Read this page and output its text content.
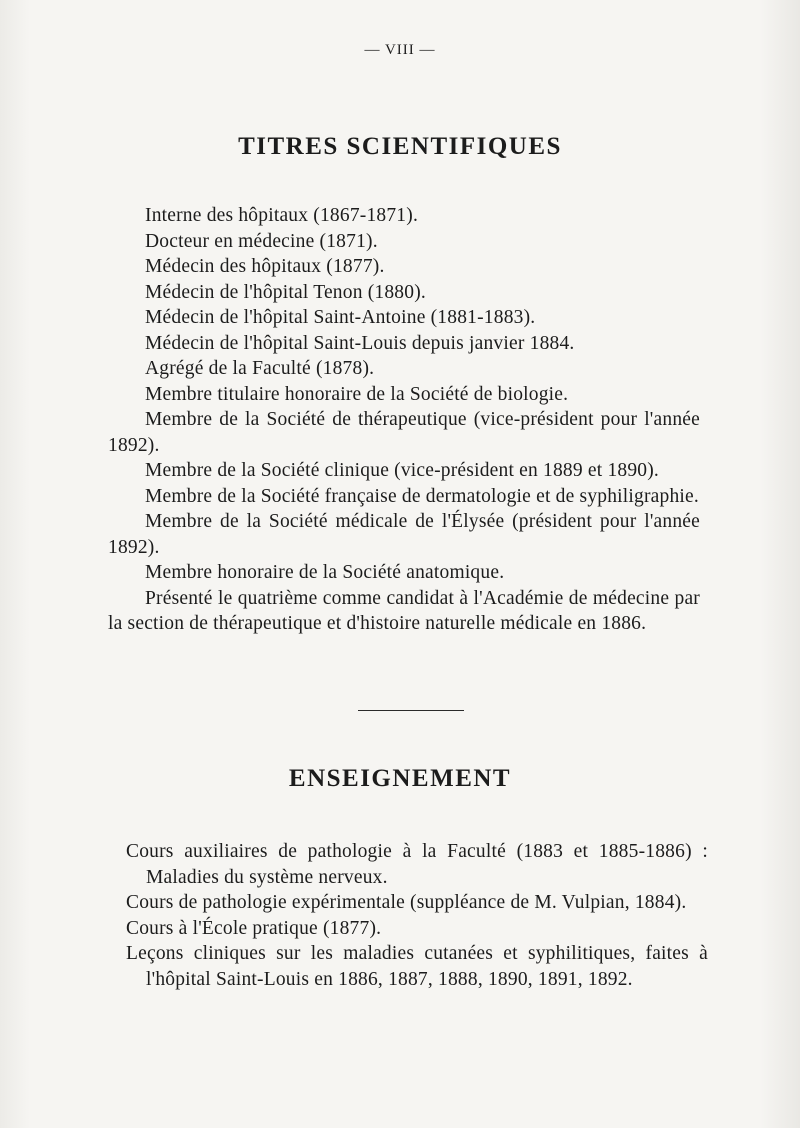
— VIII —
TITRES SCIENTIFIQUES

Interne des hôpitaux (1867-1871).

Docteur en médecine (1871).

Médecin des hôpitaux (1877).

Médecin de l'hôpital Tenon (1880).

Médecin de l'hôpital Saint-Antoine (1881-1883).

Médecin de l'hôpital Saint-Louis depuis janvier 1884.

Agrégé de la Faculté (1878).

Membre titulaire honoraire de la Société de biologie.

Membre de la Société de thérapeutique (vice-président pour l'année 1892).

Membre de la Société clinique (vice-président en 1889 et 1890).

Membre de la Société française de dermatologie et de syphiligraphie.

Membre de la Société médicale de l'Élysée (président pour l'année 1892).

Membre honoraire de la Société anatomique.

Présenté le quatrième comme candidat à l'Académie de médecine par la section de thérapeutique et d'histoire naturelle médicale en 1886.

ENSEIGNEMENT

Cours auxiliaires de pathologie à la Faculté (1883 et 1885-1886) : Maladies du système nerveux.

Cours de pathologie expérimentale (suppléance de M. Vulpian, 1884).

Cours à l'École pratique (1877).

Leçons cliniques sur les maladies cutanées et syphilitiques, faites à l'hôpital Saint-Louis en 1886, 1887, 1888, 1890, 1891, 1892.
